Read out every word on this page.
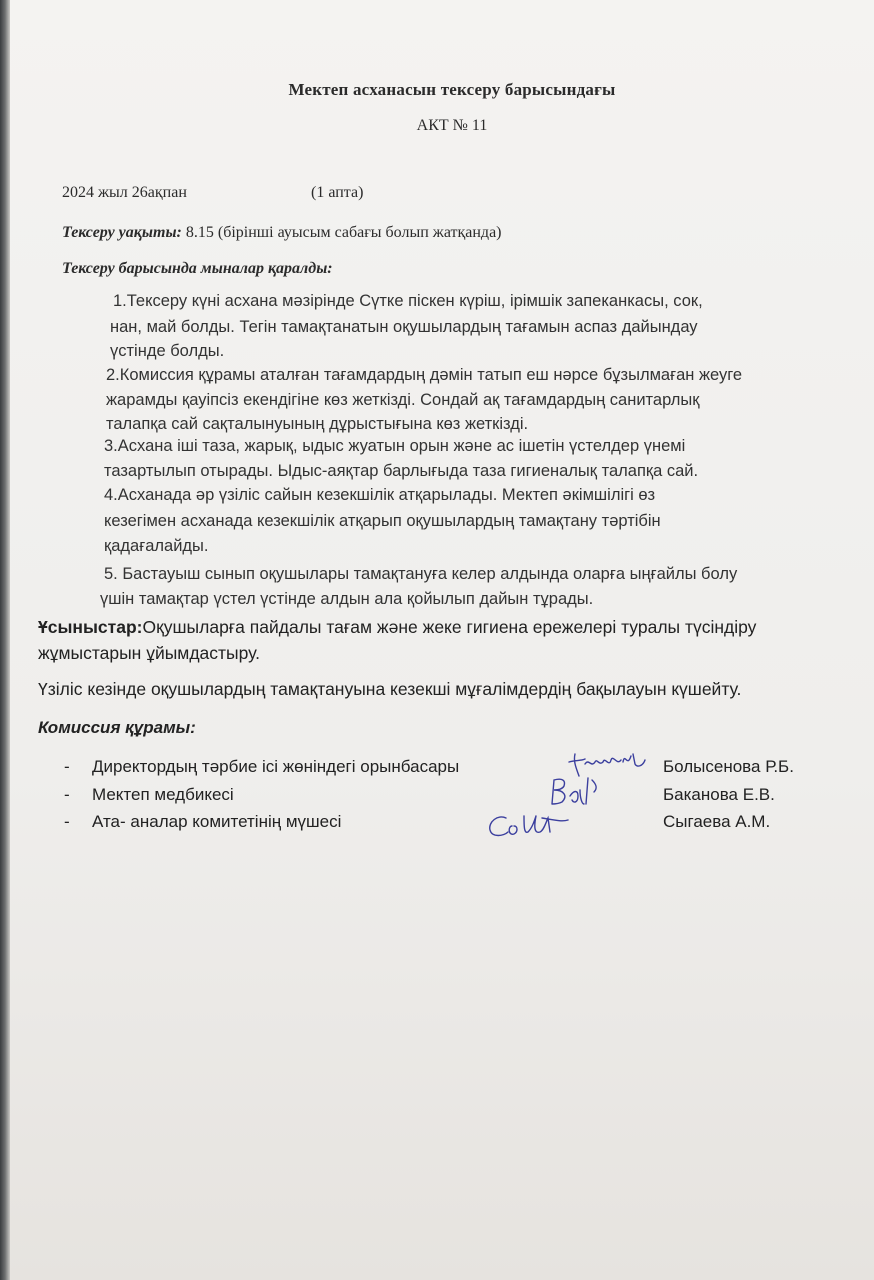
Мектеп асханасын тексеру барысындағы
АКТ № 11
2024 жыл 26ақпан	(1 апта)
Тексеру уақыты: 8.15 (бірінші ауысым сабағы болып жатқанда)
Тексеру барысында мыналар қаралды:
1.Тексеру күні асхана мәзірінде Сүтке піскен күріш, ірімшік запеканкасы, сок,
нан, май болды. Тегін тамақтанатын оқушылардың тағамын аспаз дайындау
үстінде болды.
2.Комиссия құрамы аталған тағамдардың дәмін татып еш нәрсе бұзылмаған жеуге
жарамды қауіпсіз екендігіне көз жеткізді. Сондай ақ тағамдардың санитарлық
талапқа сай сақталынуының дұрыстығына көз жеткізді.
3.Асхана іші таза, жарық, ыдыс жуатын орын және ас ішетін үстелдер үнемі
тазартылып отырады. Ыдыс-аяқтар барлығыда таза гигиеналық талапқа сай.
4.Асханада әр үзіліс сайын кезекшілік атқарылады. Мектеп әкімшілігі өз
кезегімен асханада кезекшілік атқарып оқушылардың тамақтану тәртібін
қадағалайды.
5. Бастауыш сынып оқушылары тамақтануға келер алдында оларға ыңғайлы болу
үшін тамақтар үстел үстінде алдын ала қойылып дайын тұрады.
Ұсыныстар:Оқушыларға пайдалы тағам және жеке гигиена ережелері туралы түсіндіру
жұмыстарын ұйымдастыру.
Үзіліс кезінде оқушылардың тамақтануына кезекші мұғалімдердің бақылауын күшейту.
Комиссия құрамы:
- Директордың тәрбие ісі жөніндегі орынбасары	Болысенова Р.Б.
- Мектеп медбикесі	Баканова Е.В.
- Ата- аналар комитетінің мүшесі	Сыгаева А.М.
